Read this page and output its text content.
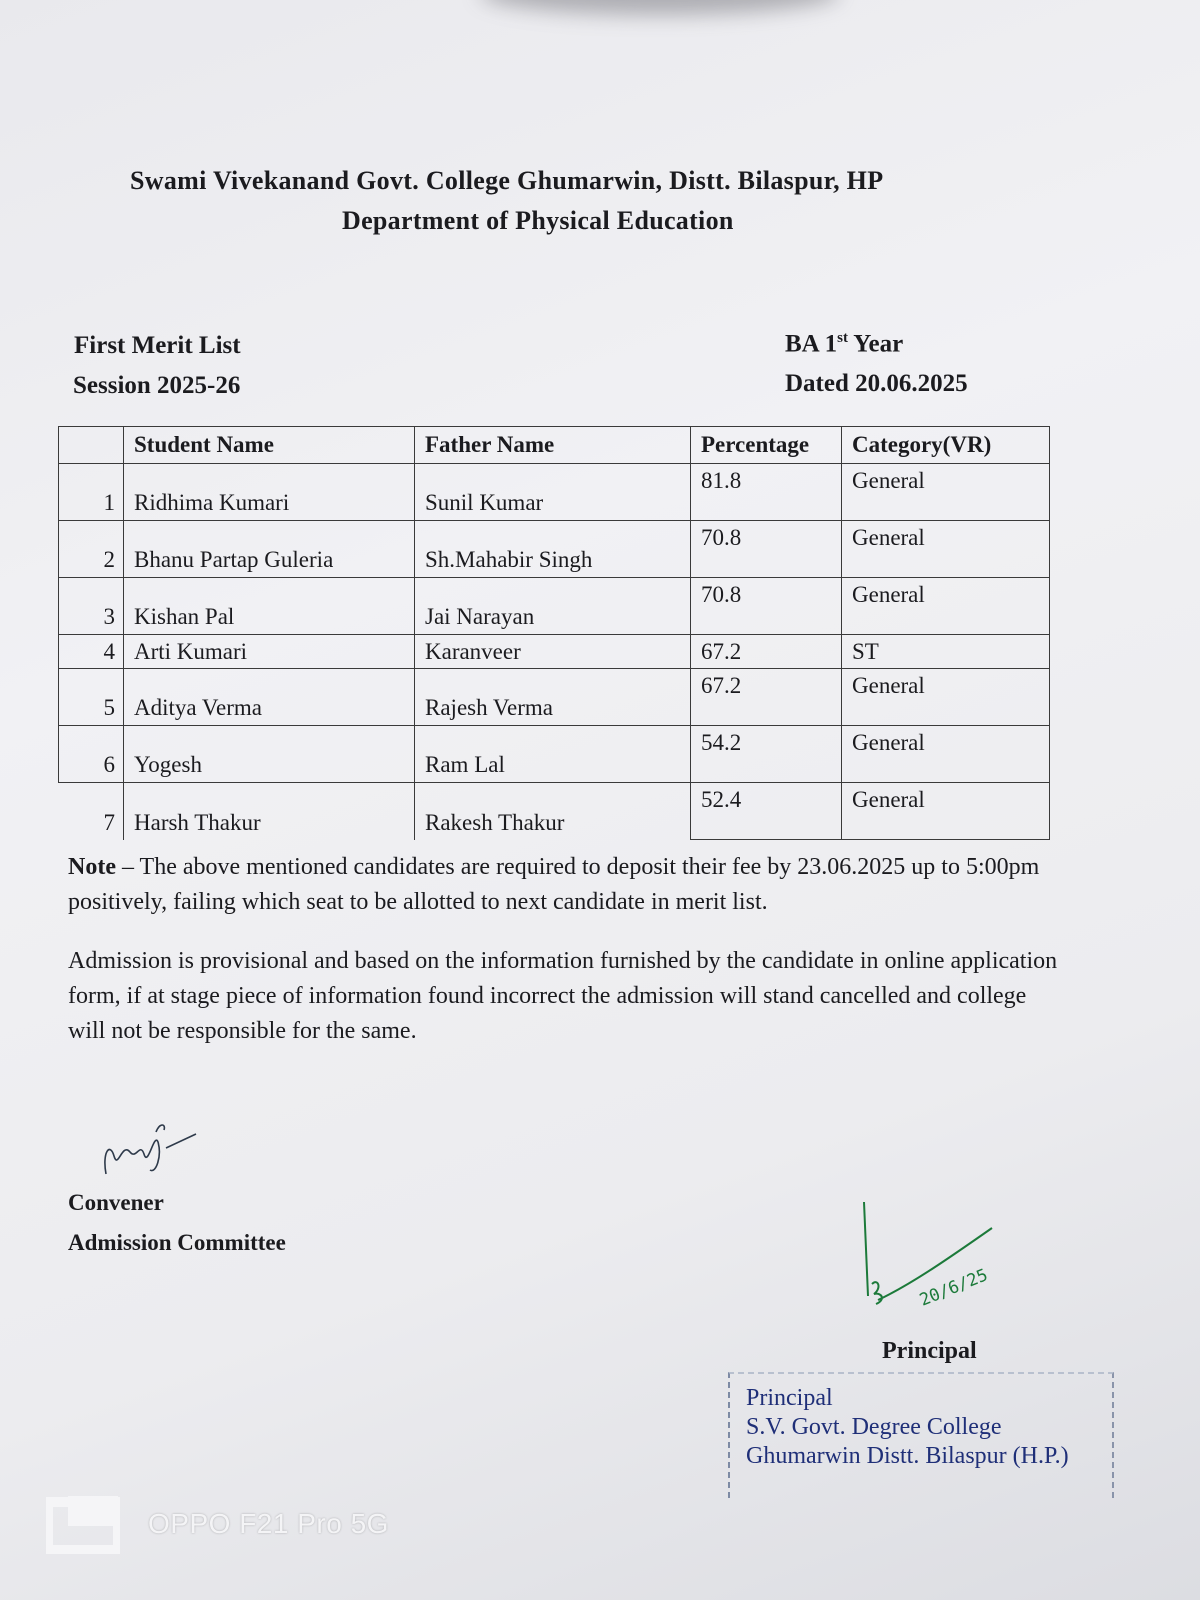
Swami Vivekanand Govt. College Ghumarwin, Distt. Bilaspur, HP
Department of Physical Education
First Merit List
Session 2025-26
BA 1st Year
Dated 20.06.2025
	Student Name	Father Name	Percentage	Category(VR)
1	Ridhima Kumari	Sunil Kumar	81.8	General
2	Bhanu Partap Guleria	Sh.Mahabir Singh	70.8	General
3	Kishan Pal	Jai Narayan	70.8	General
4	Arti Kumari	Karanveer	67.2	ST
5	Aditya Verma	Rajesh Verma	67.2	General
6	Yogesh	Ram Lal	54.2	General
7	Harsh Thakur	Rakesh Thakur	52.4	General
Note – The above mentioned candidates are required to deposit their fee by 23.06.2025 up to 5:00pm positively, failing which seat to be allotted to next candidate in merit list.
Admission is provisional and based on the information furnished by the candidate in online application form, if at stage piece of information found incorrect the admission will stand cancelled and college will not be responsible for the same.
Convener
Admission Committee
20/6/25
Principal
Principal
S.V. Govt. Degree College
Ghumarwin Distt. Bilaspur (H.P.)
OPPO F21 Pro 5G
